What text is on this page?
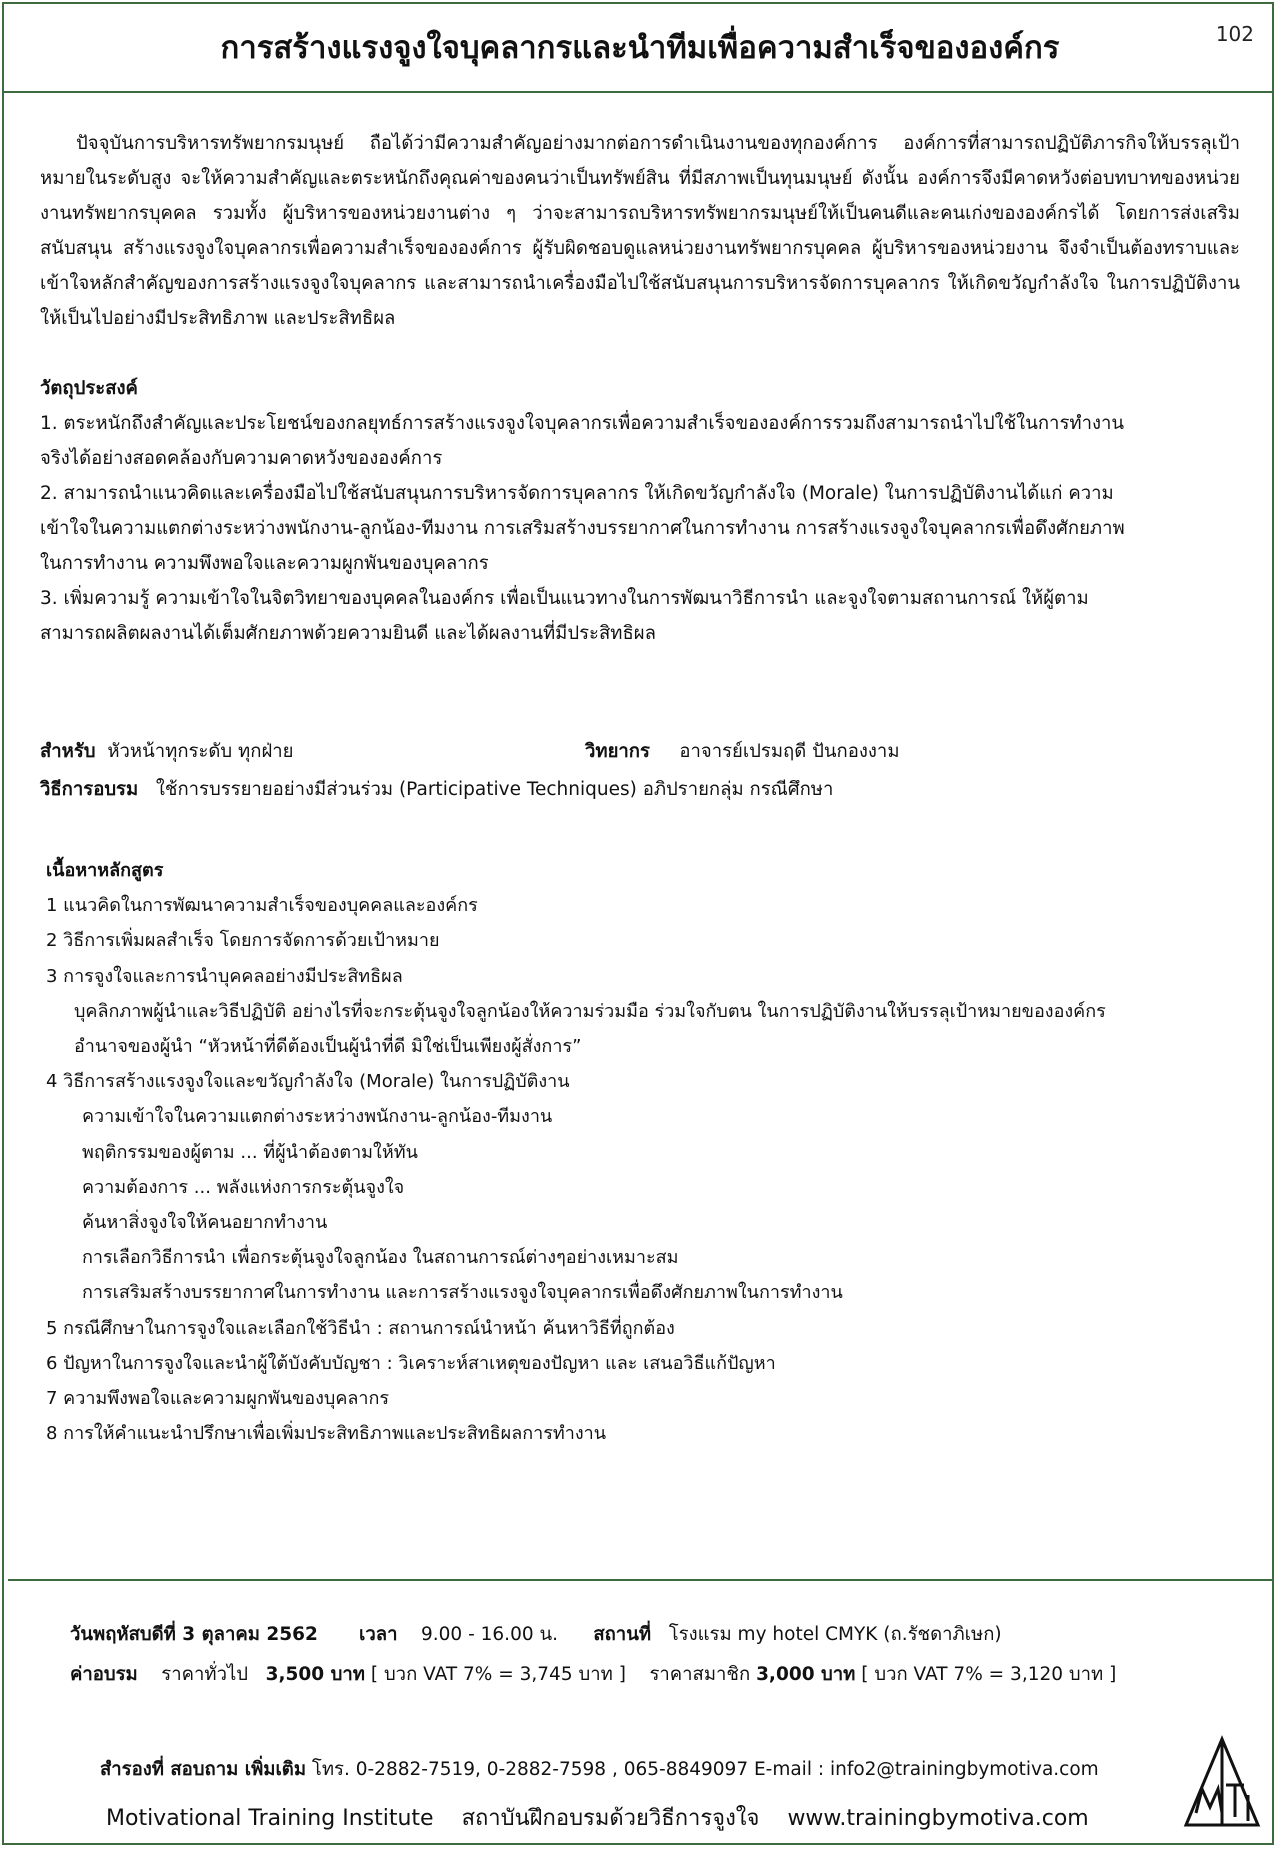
การสร้างแรงจูงใจบุคลากรและนำทีมเพื่อความสำเร็จขององค์กร	102
ปัจจุบันการบริหารทรัพยากรมนุษย์ ถือได้ว่ามีความสำคัญอย่างมากต่อการดำเนินงานของทุกองค์การ องค์การที่สามารถปฏิบัติภารกิจให้บรรลุเป้าหมายในระดับสูง จะให้ความสำคัญและตระหนักถึงคุณค่าของคนว่าเป็นทรัพย์สิน ที่มีสภาพเป็นทุนมนุษย์ ดังนั้น องค์การจึงมีคาดหวังต่อบทบาทของหน่วยงานทรัพยากรบุคคล รวมทั้ง ผู้บริหารของหน่วยงานต่าง ๆ ว่าจะสามารถบริหารทรัพยากรมนุษย์ให้เป็นคนดีและคนเก่งขององค์กรได้ โดยการส่งเสริม สนับสนุน สร้างแรงจูงใจบุคลากรเพื่อความสำเร็จขององค์การ ผู้รับผิดชอบดูแลหน่วยงานทรัพยากรบุคคล ผู้บริหารของหน่วยงาน จึงจำเป็นต้องทราบและเข้าใจหลักสำคัญของการสร้างแรงจูงใจบุคลากร และสามารถนำเครื่องมือไปใช้สนับสนุนการบริหารจัดการบุคลากร ให้เกิดขวัญกำลังใจ ในการปฏิบัติงานให้เป็นไปอย่างมีประสิทธิภาพ และประสิทธิผล
วัตถุประสงค์
1. ตระหนักถึงสำคัญและประโยชน์ของกลยุทธ์การสร้างแรงจูงใจบุคลากรเพื่อความสำเร็จขององค์การรวมถึงสามารถนำไปใช้ในการทำงาน
จริงได้อย่างสอดคล้องกับความคาดหวังขององค์การ
2. สามารถนำแนวคิดและเครื่องมือไปใช้สนับสนุนการบริหารจัดการบุคลากร ให้เกิดขวัญกำลังใจ (Morale) ในการปฏิบัติงานได้แก่ ความ
เข้าใจในความแตกต่างระหว่างพนักงาน-ลูกน้อง-ทีมงาน การเสริมสร้างบรรยากาศในการทำงาน การสร้างแรงจูงใจบุคลากรเพื่อดึงศักยภาพ
ในการทำงาน ความพึงพอใจและความผูกพันของบุคลากร
3. เพิ่มความรู้ ความเข้าใจในจิตวิทยาของบุคคลในองค์กร เพื่อเป็นแนวทางในการพัฒนาวิธีการนำ และจูงใจตามสถานการณ์ ให้ผู้ตาม
สามารถผลิตผลงานได้เต็มศักยภาพด้วยความยินดี และได้ผลงานที่มีประสิทธิผล
สำหรับ หัวหน้าทุกระดับ ทุกฝ่าย	วิทยากร อาจารย์เปรมฤดี ปันกองงาม
วิธีการอบรม ใช้การบรรยายอย่างมีส่วนร่วม (Participative Techniques) อภิปรายกลุ่ม กรณีศึกษา
เนื้อหาหลักสูตร
1 แนวคิดในการพัฒนาความสำเร็จของบุคคลและองค์กร
2 วิธีการเพิ่มผลสำเร็จ โดยการจัดการด้วยเป้าหมาย
3 การจูงใจและการนำบุคคลอย่างมีประสิทธิผล
บุคลิกภาพผู้นำและวิธีปฏิบัติ อย่างไรที่จะกระตุ้นจูงใจลูกน้องให้ความร่วมมือ ร่วมใจกับตน ในการปฏิบัติงานให้บรรลุเป้าหมายขององค์กร
อำนาจของผู้นำ “หัวหน้าที่ดีต้องเป็นผู้นำที่ดี มิใช่เป็นเพียงผู้สั่งการ”
4 วิธีการสร้างแรงจูงใจและขวัญกำลังใจ (Morale) ในการปฏิบัติงาน
ความเข้าใจในความแตกต่างระหว่างพนักงาน-ลูกน้อง-ทีมงาน
พฤติกรรมของผู้ตาม ... ที่ผู้นำต้องตามให้ทัน
ความต้องการ ... พลังแห่งการกระตุ้นจูงใจ
ค้นหาสิ่งจูงใจให้คนอยากทำงาน
การเลือกวิธีการนำ เพื่อกระตุ้นจูงใจลูกน้อง ในสถานการณ์ต่างๆอย่างเหมาะสม
การเสริมสร้างบรรยากาศในการทำงาน และการสร้างแรงจูงใจบุคลากรเพื่อดึงศักยภาพในการทำงาน
5 กรณีศึกษาในการจูงใจและเลือกใช้วิธีนำ : สถานการณ์นำหน้า ค้นหาวิธีที่ถูกต้อง
6 ปัญหาในการจูงใจและนำผู้ใต้บังคับบัญชา : วิเคราะห์สาเหตุของปัญหา และ เสนอวิธีแก้ปัญหา
7 ความพึงพอใจและความผูกพันของบุคลากร
8 การให้คำแนะนำปรึกษาเพื่อเพิ่มประสิทธิภาพและประสิทธิผลการทำงาน
วันพฤหัสบดีที่ 3 ตุลาคม 2562 เวลา 9.00 - 16.00 น. สถานที่ โรงแรม my hotel CMYK (ถ.รัชดาภิเษก)
ค่าอบรม ราคาทั่วไป 3,500 บาท [ บวก VAT 7% = 3,745 บาท ] ราคาสมาชิก 3,000 บาท [ บวก VAT 7% = 3,120 บาท ]
สำรองที่ สอบถาม เพิ่มเติม โทร. 0-2882-7519, 0-2882-7598 , 065-8849097 E-mail : info2@trainingbymotiva.com
Motivational Training Institute สถาบันฝึกอบรมด้วยวิธีการจูงใจ www.trainingbymotiva.com
